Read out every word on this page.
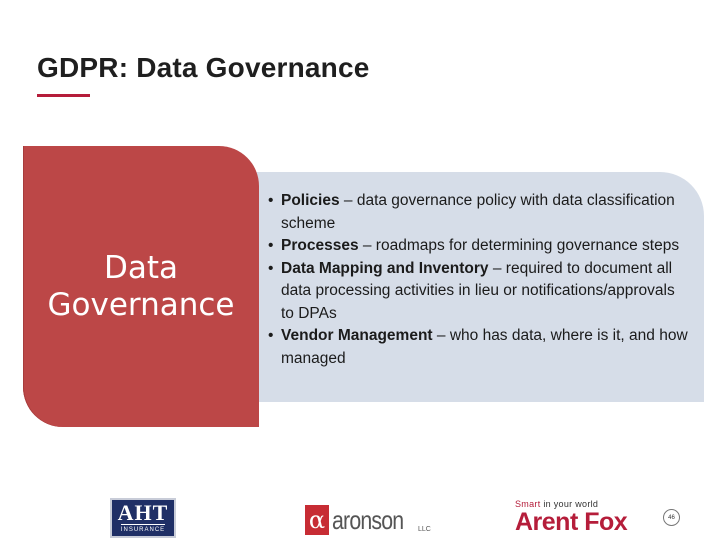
GDPR: Data Governance
Data
Governance
• Policies – data governance policy with data classification scheme
• Processes – roadmaps for determining governance steps
• Data Mapping and Inventory – required to document all data processing activities in lieu or notifications/approvals to DPAs
• Vendor Management – who has data, where is it, and how managed
AHT
INSURANCE	α aronson LLC
Smart in your world
Arent Fox	46
